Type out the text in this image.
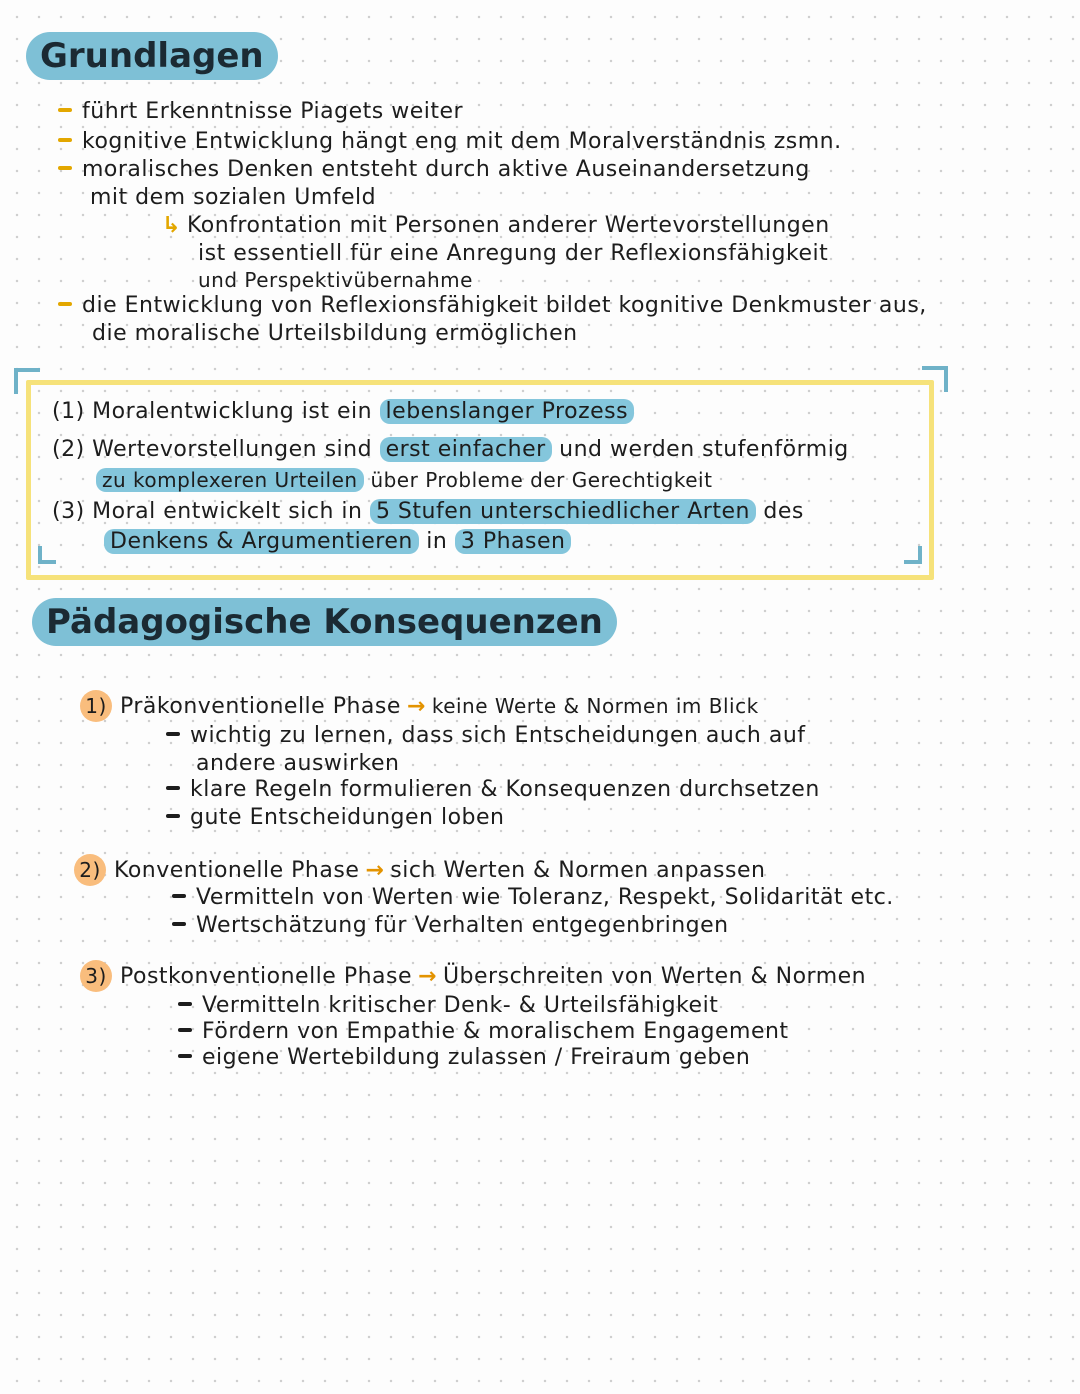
Grundlagen
führt Erkenntnisse Piagets weiter
kognitive Entwicklung hängt eng mit dem Moralverständnis zsmn.
moralisches Denken entsteht durch aktive Auseinandersetzung
mit dem sozialen Umfeld
↳ Konfrontation mit Personen anderer Wertevorstellungen
ist essentiell für eine Anregung der Reflexionsfähigkeit
und Perspektivübernahme
die Entwicklung von Reflexionsfähigkeit bildet kognitive Denkmuster aus,
die moralische Urteilsbildung ermöglichen
(1) Moralentwicklung ist ein lebenslanger Prozess
(2) Wertevorstellungen sind erst einfacher und werden stufenförmig
zu komplexeren Urteilen über Probleme der Gerechtigkeit
(3) Moral entwickelt sich in 5 Stufen unterschiedlicher Arten des
Denkens & Argumentieren in 3 Phasen
Pädagogische Konsequenzen
1) Präkonventionelle Phase → keine Werte & Normen im Blick
wichtig zu lernen, dass sich Entscheidungen auch auf
andere auswirken
klare Regeln formulieren & Konsequenzen durchsetzen
gute Entscheidungen loben
2) Konventionelle Phase → sich Werten & Normen anpassen
Vermitteln von Werten wie Toleranz, Respekt, Solidarität etc.
Wertschätzung für Verhalten entgegenbringen
3) Postkonventionelle Phase → Überschreiten von Werten & Normen
Vermitteln kritischer Denk- & Urteilsfähigkeit
Fördern von Empathie & moralischem Engagement
eigene Wertebildung zulassen / Freiraum geben
